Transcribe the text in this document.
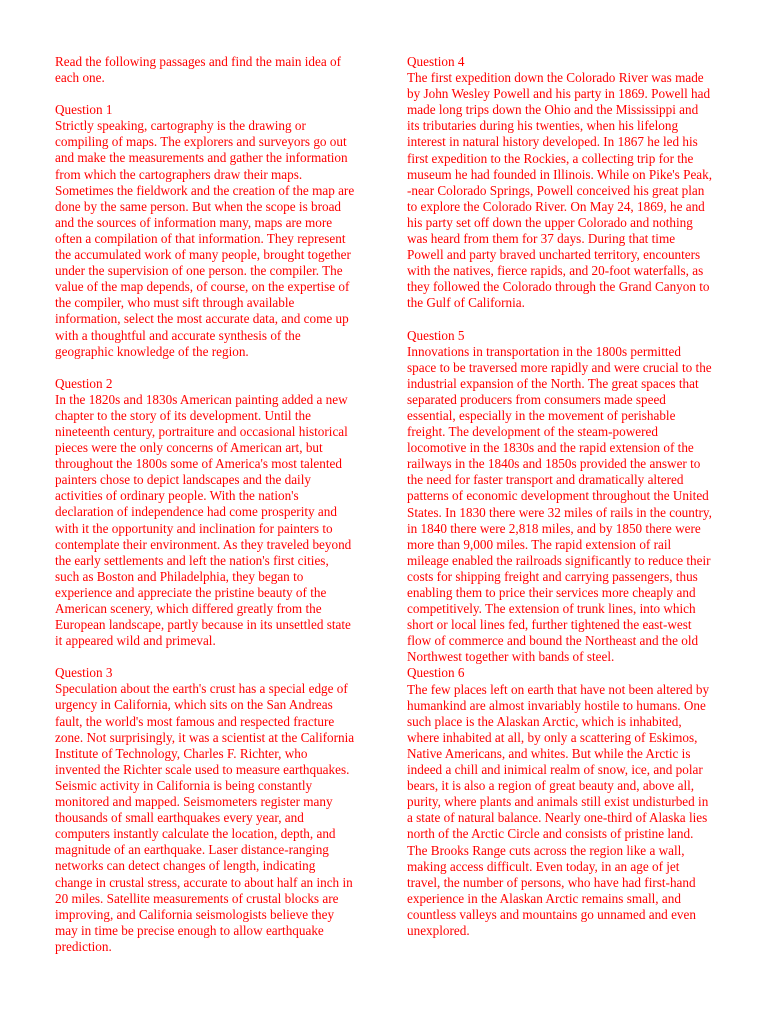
Read the following passages and find the main idea of each one.

Question 1
Strictly speaking, cartography is the drawing or compiling of maps. The explorers and surveyors go out and make the measurements and gather the information from which the cartographers draw their maps. Sometimes the fieldwork and the creation of the map are done by the same person. But when the scope is broad and the sources of information many, maps are more often a compilation of that information. They represent the accumulated work of many people, brought together under the supervision of one person. the compiler. The value of the map depends, of course, on the expertise of the compiler, who must sift through available information, select the most accurate data, and come up with a thoughtful and accurate synthesis of the geographic knowledge of the region.
Question 2
In the 1820s and 1830s American painting added a new chapter to the story of its development. Until the nineteenth century, portraiture and occasional historical pieces were the only concerns of American art, but throughout the 1800s some of America's most talented painters chose to depict landscapes and the daily activities of ordinary people. With the nation's declaration of independence had come prosperity and with it the opportunity and inclination for painters to contemplate their environment. As they traveled beyond the early settlements and left the nation's first cities, such as Boston and Philadelphia, they began to experience and appreciate the pristine beauty of the American scenery, which differed greatly from the European landscape, partly because in its unsettled state it appeared wild and primeval.
Question 3
Speculation about the earth's crust has a special edge of urgency in California, which sits on the San Andreas fault, the world's most famous and respected fracture zone. Not surprisingly, it was a scientist at the California Institute of Technology, Charles F. Richter, who invented the Richter scale used to measure earthquakes. Seismic activity in California is being constantly monitored and mapped. Seismometers register many thousands of small earthquakes every year, and computers instantly calculate the location, depth, and magnitude of an earthquake. Laser distance-ranging networks can detect changes of length, indicating change in crustal stress, accurate to about half an inch in 20 miles. Satellite measurements of crustal blocks are improving, and California seismologists believe they may in time be precise enough to allow earthquake prediction.
Question 4
The first expedition down the Colorado River was made by John Wesley Powell and his party in 1869. Powell had made long trips down the Ohio and the Mississippi and its tributaries during his twenties, when his lifelong interest in natural history developed. In 1867 he led his first expedition to the Rockies, a collecting trip for the museum he had founded in Illinois. While on Pike's Peak, -near Colorado Springs, Powell conceived his great plan to explore the Colorado River. On May 24, 1869, he and his party set off down the upper Colorado and nothing was heard from them for 37 days. During that time Powell and party braved uncharted territory, encounters with the natives, fierce rapids, and 20-foot waterfalls, as they followed the Colorado through the Grand Canyon to the Gulf of California.
Question 5
Innovations in transportation in the 1800s permitted space to be traversed more rapidly and were crucial to the industrial expansion of the North. The great spaces that separated producers from consumers made speed essential, especially in the movement of perishable freight. The development of the steam-powered locomotive in the 1830s and the rapid extension of the railways in the 1840s and 1850s provided the answer to the need for faster transport and dramatically altered patterns of economic development throughout the United States. In 1830 there were 32 miles of rails in the country, in 1840 there were 2,818 miles, and by 1850 there were more than 9,000 miles. The rapid extension of rail mileage enabled the railroads significantly to reduce their costs for shipping freight and carrying passengers, thus enabling them to price their services more cheaply and competitively. The extension of trunk lines, into which short or local lines fed, further tightened the east-west flow of commerce and bound the Northeast and the old Northwest together with bands of steel.
Question 6
The few places left on earth that have not been altered by humankind are almost invariably hostile to humans. One such place is the Alaskan Arctic, which is inhabited, where inhabited at all, by only a scattering of Eskimos, Native Americans, and whites. But while the Arctic is indeed a chill and inimical realm of snow, ice, and polar bears, it is also a region of great beauty and, above all, purity, where plants and animals still exist undisturbed in a state of natural balance. Nearly one-third of Alaska lies north of the Arctic Circle and consists of pristine land. The Brooks Range cuts across the region like a wall, making access difficult. Even today, in an age of jet travel, the number of persons, who have had first-hand experience in the Alaskan Arctic remains small, and countless valleys and mountains go unnamed and even unexplored.
